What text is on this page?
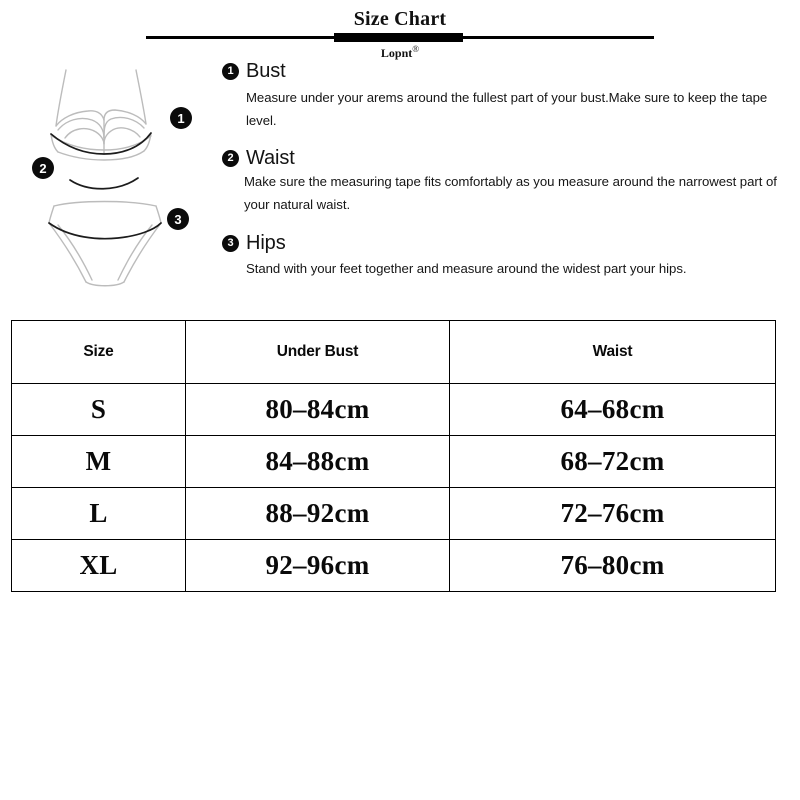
Size Chart
Lopnt®
1
2
3
1 Bust
Measure under your arems around the fullest part of your bust.Make sure to keep the tape level.
2 Waist
Make sure the measuring tape fits comfortably as you measure around the narrowest part of your natural waist.
3 Hips
Stand with your feet together and measure around the widest part your hips.
Size	Under Bust	Waist
S	80–84cm	64–68cm
M	84–88cm	68–72cm
L	88–92cm	72–76cm
XL	92–96cm	76–80cm
